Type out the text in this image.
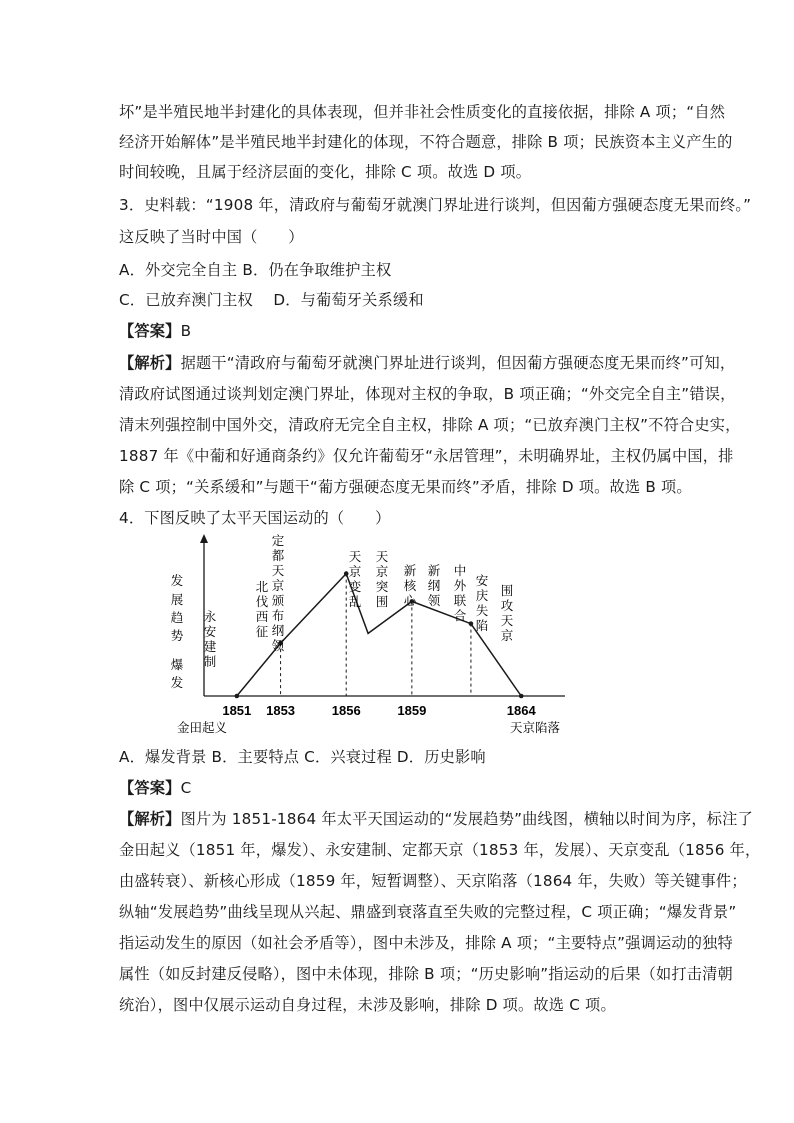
坏”是半殖民地半封建化的具体表现，但并非社会性质变化的直接依据，排除 A 项；“自然
经济开始解体”是半殖民地半封建化的体现，不符合题意，排除 B 项；民族资本主义产生的
时间较晚，且属于经济层面的变化，排除 C 项。故选 D 项。
3．史料载：“1908 年，清政府与葡萄牙就澳门界址进行谈判，但因葡方强硬态度无果而终。”
这反映了当时中国（　　）
A．外交完全自主 B．仍在争取维护主权
C．已放弃澳门主权　 D．与葡萄牙关系缓和
【答案】B
【解析】据题干“清政府与葡萄牙就澳门界址进行谈判，但因葡方强硬态度无果而终”可知，
清政府试图通过谈判划定澳门界址，体现对主权的争取，B 项正确；“外交完全自主”错误，
清末列强控制中国外交，清政府无完全自主权，排除 A 项；“已放弃澳门主权”不符合史实，
1887 年《中葡和好通商条约》仅允许葡萄牙“永居管理”，未明确界址，主权仍属中国，排
除 C 项；“关系缓和”与题干“葡方强硬态度无果而终”矛盾，排除 D 项。故选 B 项。
4．下图反映了太平天国运动的（　　）
发
展
趋
势
爆
发
1851 1853	1856	1859	1864
永安建制
北伐西征
定都天京颁布纲领
天京变乱
天京突围
新核心
新纲领
中外联合
安庆失陷
围攻天京
金田起义	天京陷落
A．爆发背景 B．主要特点 C．兴衰过程 D．历史影响
【答案】C
【解析】图片为 1851-1864 年太平天国运动的“发展趋势”曲线图，横轴以时间为序，标注了
金田起义（1851 年，爆发）、永安建制、定都天京（1853 年，发展）、天京变乱（1856 年，
由盛转衰）、新核心形成（1859 年，短暂调整）、天京陷落（1864 年，失败）等关键事件；
纵轴“发展趋势”曲线呈现从兴起、鼎盛到衰落直至失败的完整过程，C 项正确；“爆发背景”
指运动发生的原因（如社会矛盾等），图中未涉及，排除 A 项；“主要特点”强调运动的独特
属性（如反封建反侵略），图中未体现，排除 B 项；“历史影响”指运动的后果（如打击清朝
统治），图中仅展示运动自身过程，未涉及影响，排除 D 项。故选 C 项。
